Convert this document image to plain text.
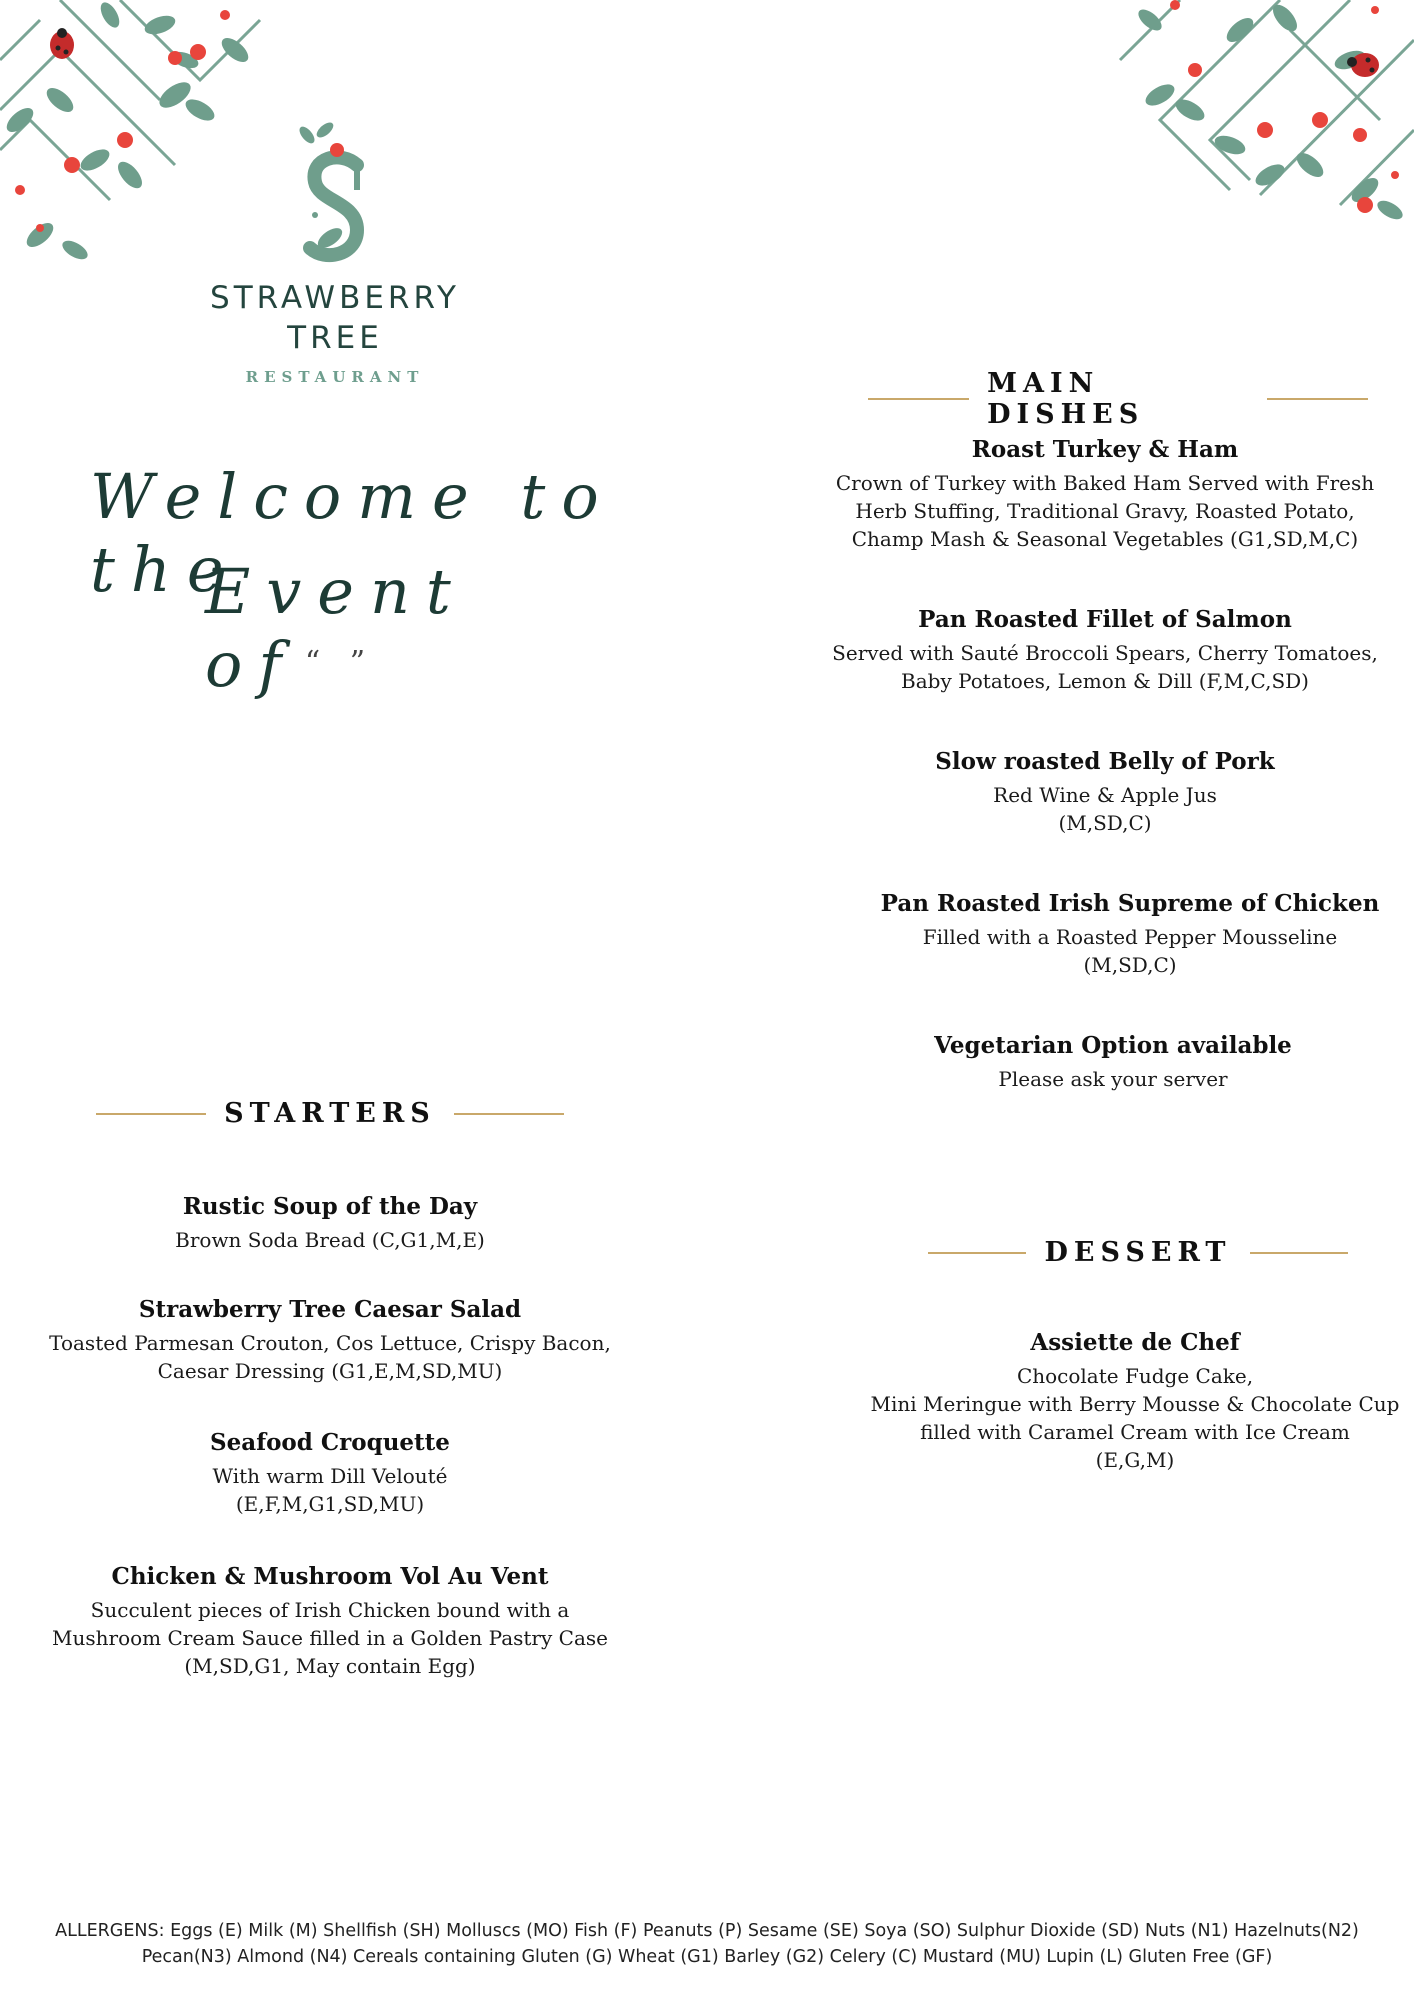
STRAWBERRY
TREE
RESTAURANT
Welcome to the
Event of “ ”
STARTERS
Rustic Soup of the Day
Brown Soda Bread (C,G1,M,E)
Strawberry Tree Caesar Salad
Toasted Parmesan Crouton, Cos Lettuce, Crispy Bacon,
Caesar Dressing (G1,E,M,SD,MU)
Seafood Croquette
With warm Dill Velouté
(E,F,M,G1,SD,MU)
Chicken & Mushroom Vol Au Vent
Succulent pieces of Irish Chicken bound with a
Mushroom Cream Sauce filled in a Golden Pastry Case
(M,SD,G1, May contain Egg)
MAIN DISHES
Roast Turkey & Ham
Crown of Turkey with Baked Ham Served with Fresh
Herb Stuffing, Traditional Gravy, Roasted Potato,
Champ Mash & Seasonal Vegetables (G1,SD,M,C)
Pan Roasted Fillet of Salmon
Served with Sauté Broccoli Spears, Cherry Tomatoes,
Baby Potatoes, Lemon & Dill (F,M,C,SD)
Slow roasted Belly of Pork
Red Wine & Apple Jus
(M,SD,C)
Pan Roasted Irish Supreme of Chicken
Filled with a Roasted Pepper Mousseline
(M,SD,C)
Vegetarian Option available
Please ask your server
DESSERT
Assiette de Chef
Chocolate Fudge Cake,
Mini Meringue with Berry Mousse & Chocolate Cup
filled with Caramel Cream with Ice Cream
(E,G,M)
ALLERGENS: Eggs (E) Milk (M) Shellfish (SH) Molluscs (MO) Fish (F) Peanuts (P) Sesame (SE) Soya (SO) Sulphur Dioxide (SD) Nuts (N1) Hazelnuts(N2)
Pecan(N3) Almond (N4) Cereals containing Gluten (G) Wheat (G1) Barley (G2) Celery (C) Mustard (MU) Lupin (L) Gluten Free (GF)
